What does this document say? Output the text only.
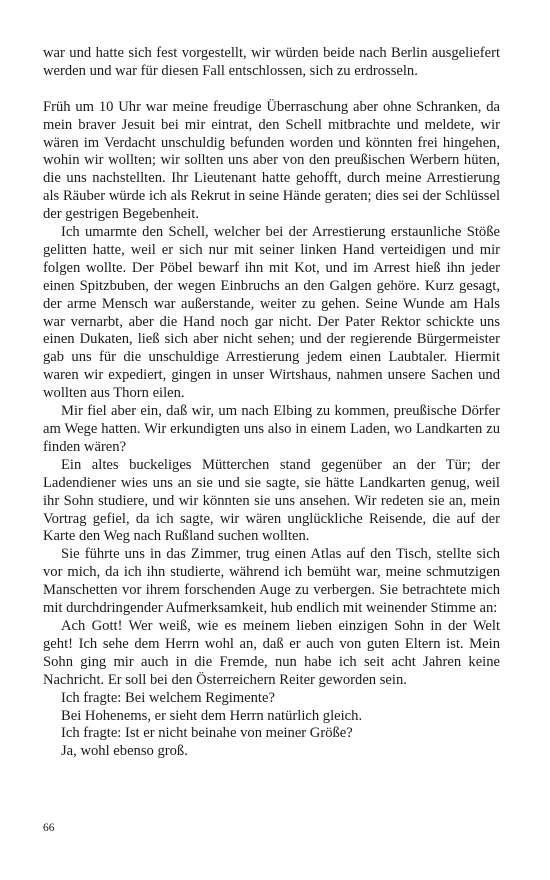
war und hatte sich fest vorgestellt, wir würden beide nach Berlin ausgeliefert werden und war für diesen Fall entschlossen, sich zu erdrosseln.

Früh um 10 Uhr war meine freudige Überraschung aber ohne Schranken, da mein braver Jesuit bei mir eintrat, den Schell mitbrachte und meldete, wir wären im Verdacht unschuldig befunden worden und könnten frei hingehen, wohin wir wollten; wir sollten uns aber von den preußischen Werbern hüten, die uns nachstellten. Ihr Lieutenant hatte gehofft, durch meine Arrestierung als Räuber würde ich als Rekrut in seine Hände geraten; dies sei der Schlüssel der gestrigen Begebenheit.

Ich umarmte den Schell, welcher bei der Arrestierung erstaunliche Stöße gelitten hatte, weil er sich nur mit seiner linken Hand verteidigen und mir folgen wollte. Der Pöbel bewarf ihn mit Kot, und im Arrest hieß ihn jeder einen Spitzbuben, der wegen Einbruchs an den Galgen gehöre. Kurz gesagt, der arme Mensch war außerstande, weiter zu gehen. Seine Wunde am Hals war vernarbt, aber die Hand noch gar nicht. Der Pater Rektor schickte uns einen Dukaten, ließ sich aber nicht sehen; und der regierende Bürgermeister gab uns für die unschuldige Arrestierung jedem einen Laubtaler. Hiermit waren wir expediert, gingen in unser Wirtshaus, nahmen unsere Sachen und wollten aus Thorn eilen.

Mir fiel aber ein, daß wir, um nach Elbing zu kommen, preußische Dörfer am Wege hatten. Wir erkundigten uns also in einem Laden, wo Landkarten zu finden wären?

Ein altes buckeliges Mütterchen stand gegenüber an der Tür; der Ladendiener wies uns an sie und sie sagte, sie hätte Landkarten genug, weil ihr Sohn studiere, und wir könnten sie uns ansehen. Wir redeten sie an, mein Vortrag gefiel, da ich sagte, wir wären unglückliche Reisende, die auf der Karte den Weg nach Rußland suchen wollten.

Sie führte uns in das Zimmer, trug einen Atlas auf den Tisch, stellte sich vor mich, da ich ihn studierte, während ich bemüht war, meine schmutzigen Manschetten vor ihrem forschenden Auge zu verbergen. Sie betrachtete mich mit durchdringender Aufmerksamkeit, hub endlich mit weinender Stimme an:

Ach Gott! Wer weiß, wie es meinem lieben einzigen Sohn in der Welt geht! Ich sehe dem Herrn wohl an, daß er auch von guten Eltern ist. Mein Sohn ging mir auch in die Fremde, nun habe ich seit acht Jahren keine Nachricht. Er soll bei den Österreichern Reiter geworden sein.

Ich fragte: Bei welchem Regimente?

Bei Hohenems, er sieht dem Herrn natürlich gleich.

Ich fragte: Ist er nicht beinahe von meiner Größe?

Ja, wohl ebenso groß.

66
